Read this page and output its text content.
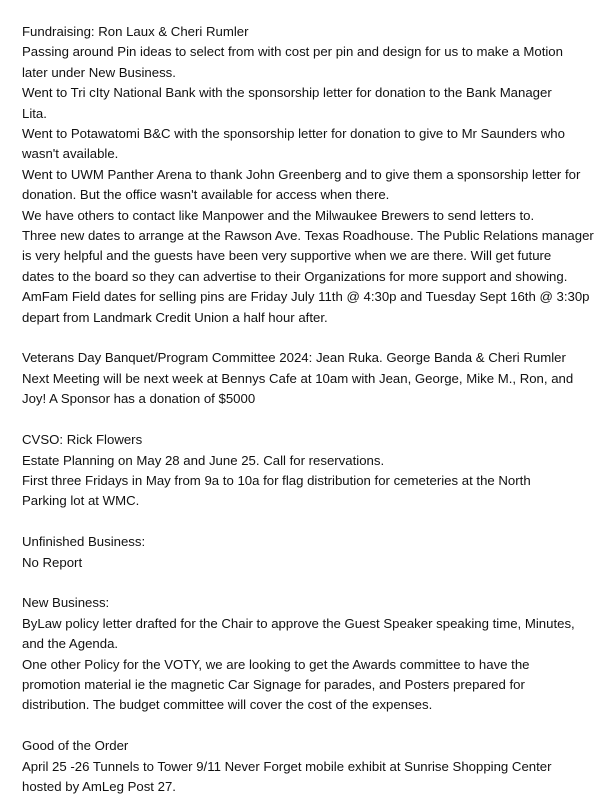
Fundraising: Ron Laux & Cheri Rumler
Passing around Pin ideas to select from with cost per pin and design for us to make a Motion
later under New Business.
Went to Tri cIty National Bank with the sponsorship letter for donation to the Bank Manager
Lita.
Went to Potawatomi B&C with the sponsorship letter for donation to give to Mr Saunders who
wasn't available.
Went to UWM Panther Arena to thank John Greenberg and to give them a sponsorship letter for
donation. But the office wasn't available for access when there.
We have others to contact like Manpower and the Milwaukee Brewers to send letters to.
Three new dates to arrange at the Rawson Ave. Texas Roadhouse. The Public Relations manager
is very helpful and the guests have been very supportive when we are there. Will get future
dates to the board so they can advertise to their Organizations for more support and showing.
AmFam Field dates for selling pins are Friday July 11th @ 4:30p and Tuesday Sept 16th @ 3:30p
depart from Landmark Credit Union a half hour after.
Veterans Day Banquet/Program Committee 2024: Jean Ruka. George Banda & Cheri Rumler
Next Meeting will be next week at Bennys Cafe at 10am with Jean, George, Mike M., Ron, and
Joy! A Sponsor has a donation of $5000
CVSO: Rick Flowers
Estate Planning on May 28 and June 25. Call for reservations.
First three Fridays in May from 9a to 10a for flag distribution for cemeteries at the North
Parking lot at WMC.
Unfinished Business:
No Report
New Business:
ByLaw policy letter drafted for the Chair to approve the Guest Speaker speaking time, Minutes,
and the Agenda.
One other Policy for the VOTY, we are looking to get the Awards committee to have the
promotion material ie the magnetic Car Signage for parades, and Posters prepared for
distribution. The budget committee will cover the cost of the expenses.
Good of the Order
April 25 -26 Tunnels to Tower 9/11 Never Forget mobile exhibit at Sunrise Shopping Center
hosted by AmLeg Post 27.
